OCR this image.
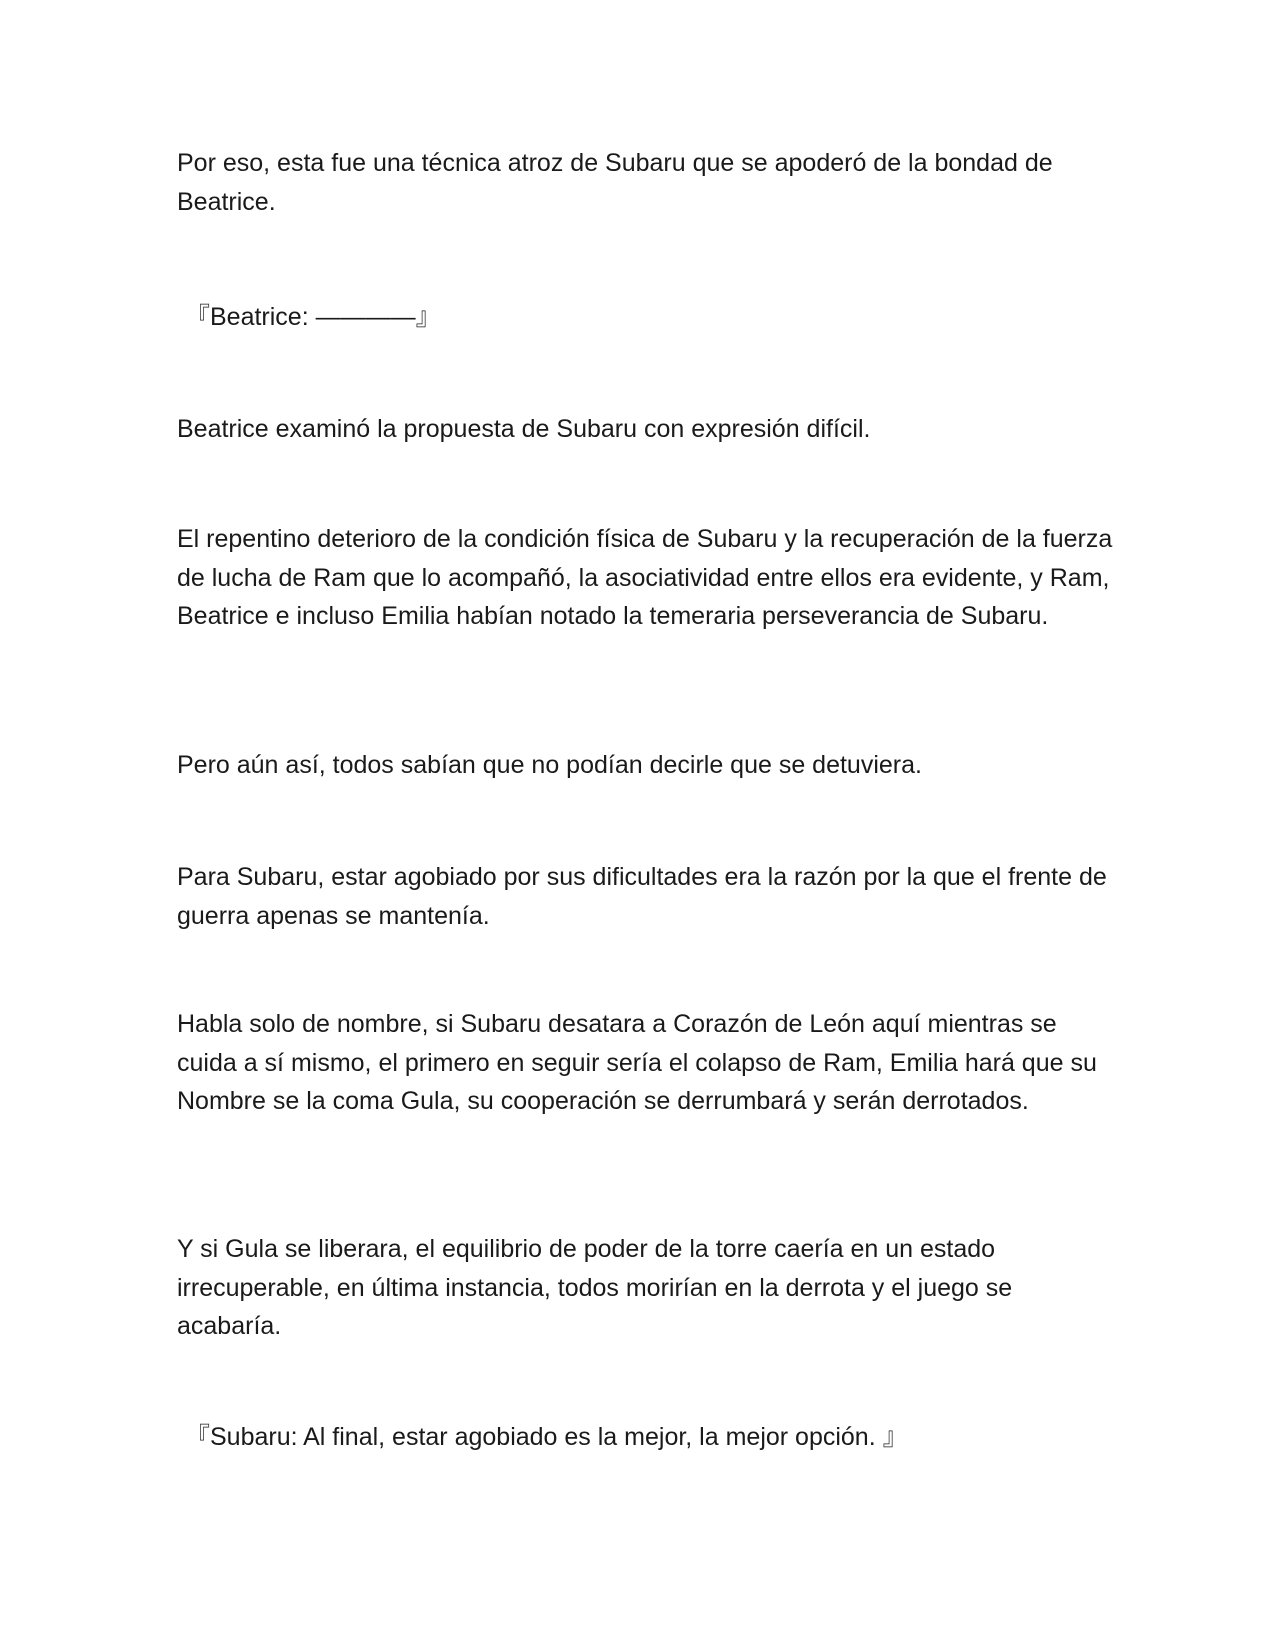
Por eso, esta fue una técnica atroz de Subaru que se apoderó de la bondad de Beatrice.

『Beatrice: ————』

Beatrice examinó la propuesta de Subaru con expresión difícil.

El repentino deterioro de la condición física de Subaru y la recuperación de la fuerza de lucha de Ram que lo acompañó, la asociatividad entre ellos era evidente, y Ram, Beatrice e incluso Emilia habían notado la temeraria perseverancia de Subaru.

Pero aún así, todos sabían que no podían decirle que se detuviera.

Para Subaru, estar agobiado por sus dificultades era la razón por la que el frente de guerra apenas se mantenía.

Habla solo de nombre, si Subaru desatara a Corazón de León aquí mientras se cuida a sí mismo, el primero en seguir sería el colapso de Ram, Emilia hará que su Nombre se la coma Gula, su cooperación se derrumbará y serán derrotados.

Y si Gula se liberara, el equilibrio de poder de la torre caería en un estado irrecuperable, en última instancia, todos morirían en la derrota y el juego se acabaría.

『Subaru: Al final, estar agobiado es la mejor, la mejor opción. 』
